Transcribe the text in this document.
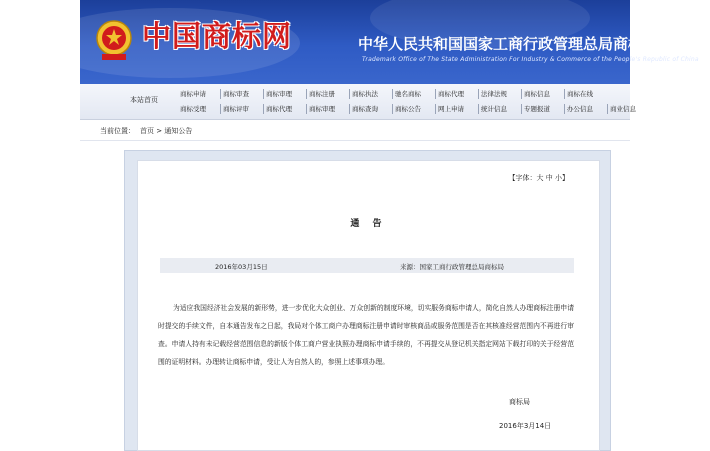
中国商标网	中华人民共和国国家工商行政管理总局商标局
Trademark Office of The State Administration For Industry & Commerce of the People's Republic of China
本站首页
商标申请	商标审查	商标审理	商标注册	商标执法	驰名商标	商标代理	法律法规	商标信息	商标在线
商标受理	商标评审	商标代理	商标审理	商标查询	商标公告	网上申请	统计信息	专题报道	办公信息	商业信息
当前位置： 首页 > 通知公告
【字体：大 中 小】
通 告
2016年03月15日	来源：国家工商行政管理总局商标局

为适应我国经济社会发展的新形势，进一步优化大众创业、万众创新的制度环境，切实服务商标申请人，简化自然人办理商标注册申请时提交的手续文件，自本通告发布之日起，我局对个体工商户办理商标注册申请时审核商品或服务范围是否在其核准经营范围内不再进行审查。申请人持有未记载经营范围信息的新版个体工商户营业执照办理商标申请手续的，不再提交从登记机关指定网站下载打印的关于经营范围的证明材料。办理转让商标申请，受让人为自然人的，参照上述事项办理。

商标局
2016年3月14日
